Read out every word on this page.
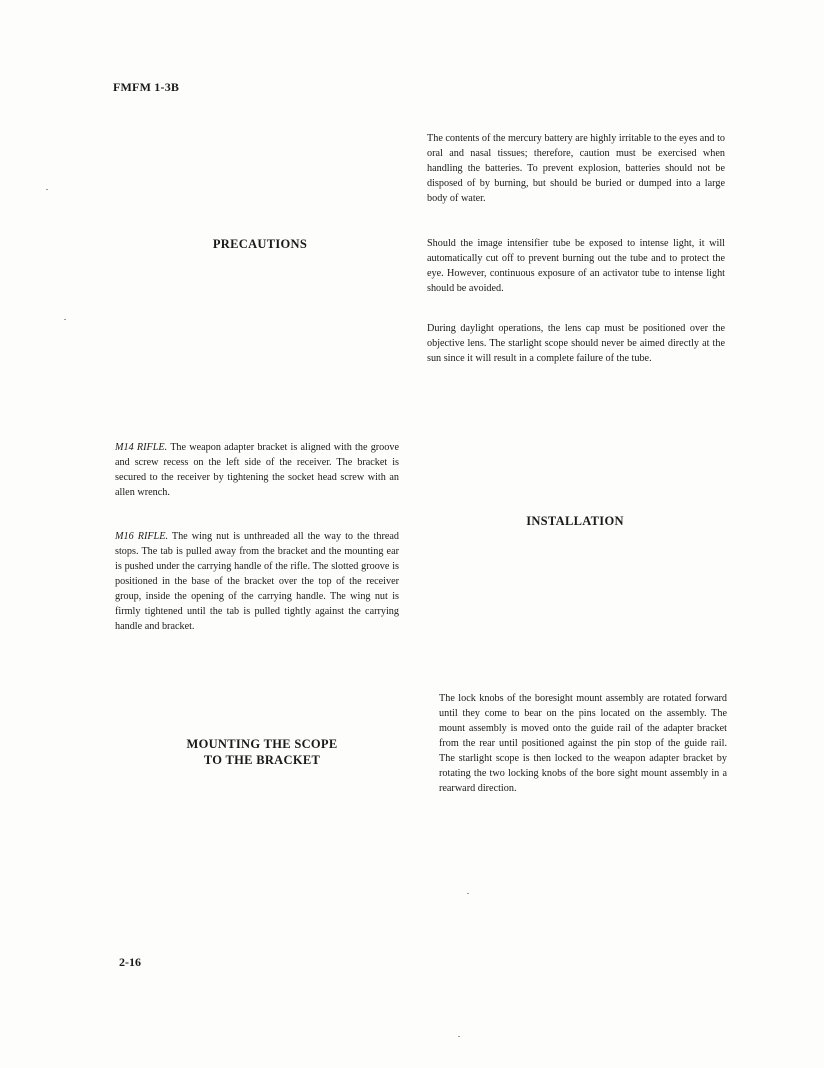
FMFM 1-3B
PRECAUTIONS

The contents of the mercury battery are highly irritable to the eyes and to oral and nasal tissues; therefore, caution must be exercised when handling the batteries. To prevent explosion, batteries should not be disposed of by burning, but should be buried or dumped into a large body of water.

Should the image intensifier tube be exposed to intense light, it will automatically cut off to prevent burning out the tube and to protect the eye. However, continuous exposure of an activator tube to intense light should be avoided.

During daylight operations, the lens cap must be positioned over the objective lens. The starlight scope should never be aimed directly at the sun since it will result in a complete failure of the tube.

M14 RIFLE. The weapon adapter bracket is aligned with the groove and screw recess on the left side of the receiver. The bracket is secured to the receiver by tightening the socket head screw with an allen wrench.

M16 RIFLE. The wing nut is unthreaded all the way to the thread stops. The tab is pulled away from the bracket and the mounting ear is pushed under the carrying handle of the rifle. The slotted groove is positioned in the base of the bracket over the top of the receiver group, inside the opening of the carrying handle. The wing nut is firmly tightened until the tab is pulled tightly against the carrying handle and bracket.

INSTALLATION
MOUNTING THE SCOPE
TO THE BRACKET

The lock knobs of the boresight mount assembly are rotated forward until they come to bear on the pins located on the assembly. The mount assembly is moved onto the guide rail of the adapter bracket from the rear until positioned against the pin stop of the guide rail. The starlight scope is then locked to the weapon adapter bracket by rotating the two locking knobs of the bore sight mount assembly in a rearward direction.

2-16
